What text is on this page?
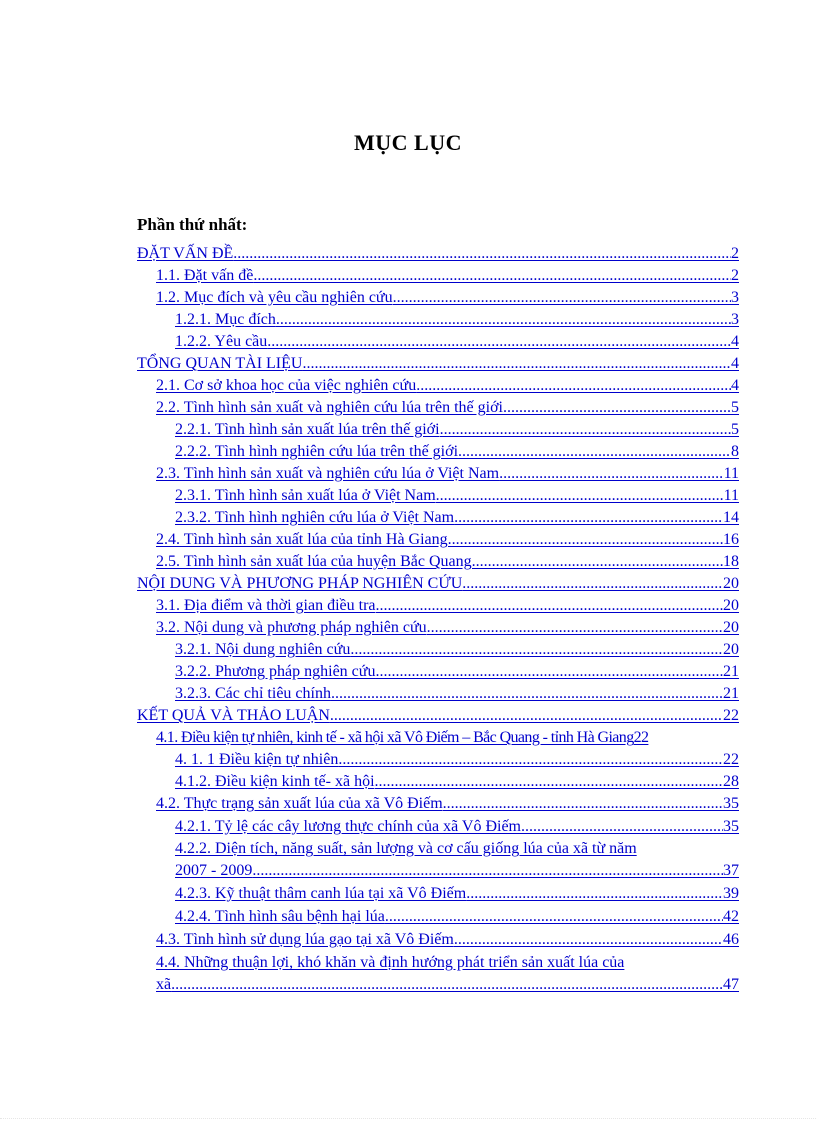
MỤC LỤC
Phần thứ nhất:
ĐẶT VẤN ĐỀ .....	2
1.1. Đặt vấn đề .....	2
1.2. Mục đích và yêu cầu nghiên cứu .....	3
1.2.1. Mục đích .....	3
1.2.2. Yêu cầu .....	4
TỔNG QUAN TÀI LIỆU .....	4
2.1. Cơ sở khoa học của việc nghiên cứu .....	4
2.2. Tình hình sản xuất và nghiên cứu lúa trên thế giới .....	5
2.2.1. Tình hình sản xuất lúa trên thế giới .....	5
2.2.2. Tình hình nghiên cứu lúa trên thế giới .....	8
2.3. Tình hình sản xuất và nghiên cứu lúa ở Việt Nam .....	11
2.3.1. Tình hình sản xuất lúa ở Việt Nam .....	11
2.3.2. Tình hình nghiên cứu lúa ở Việt Nam .....	14
2.4. Tình hình sản xuất lúa của tỉnh Hà Giang .....	16
2.5. Tình hình sản xuất lúa của huyện Bắc Quang .....	18
NỘI DUNG VÀ PHƯƠNG PHÁP NGHIÊN CỨU .....	20
3.1. Địa điểm và thời gian điều tra .....	20
3.2. Nội dung và phương pháp nghiên cứu .....	20
3.2.1. Nội dung nghiên cứu .....	20
3.2.2. Phương pháp nghiên cứu .....	21
3.2.3. Các chỉ tiêu chính .....	21
KẾT QUẢ VÀ THẢO LUẬN .....	22
4.1. Điều kiện tự nhiên, kinh tế - xã hội xã Vô Điếm – Bắc Quang - tỉnh Hà Giang 22
4. 1. 1 Điều kiện tự nhiên .....	22
4.1.2. Điều kiện kinh tế- xã hội .....	28
4.2. Thực trạng sản xuất lúa của xã Vô Điếm .....	35
4.2.1. Tỷ lệ các cây lương thực chính của xã Vô Điếm .....	35
4.2.2. Diện tích, năng suất, sản lượng và cơ cấu giống lúa của xã từ năm
2007 - 2009 .....	37
4.2.3. Kỹ thuật thâm canh lúa tại xã Vô Điếm .....	39
4.2.4. Tình hình sâu bệnh hại lúa .....	42
4.3. Tình hình sử dụng lúa gạo tại xã Vô Điếm .....	46
4.4. Những thuận lợi, khó khăn và định hướng phát triển sản xuất lúa của
xã .....	47
